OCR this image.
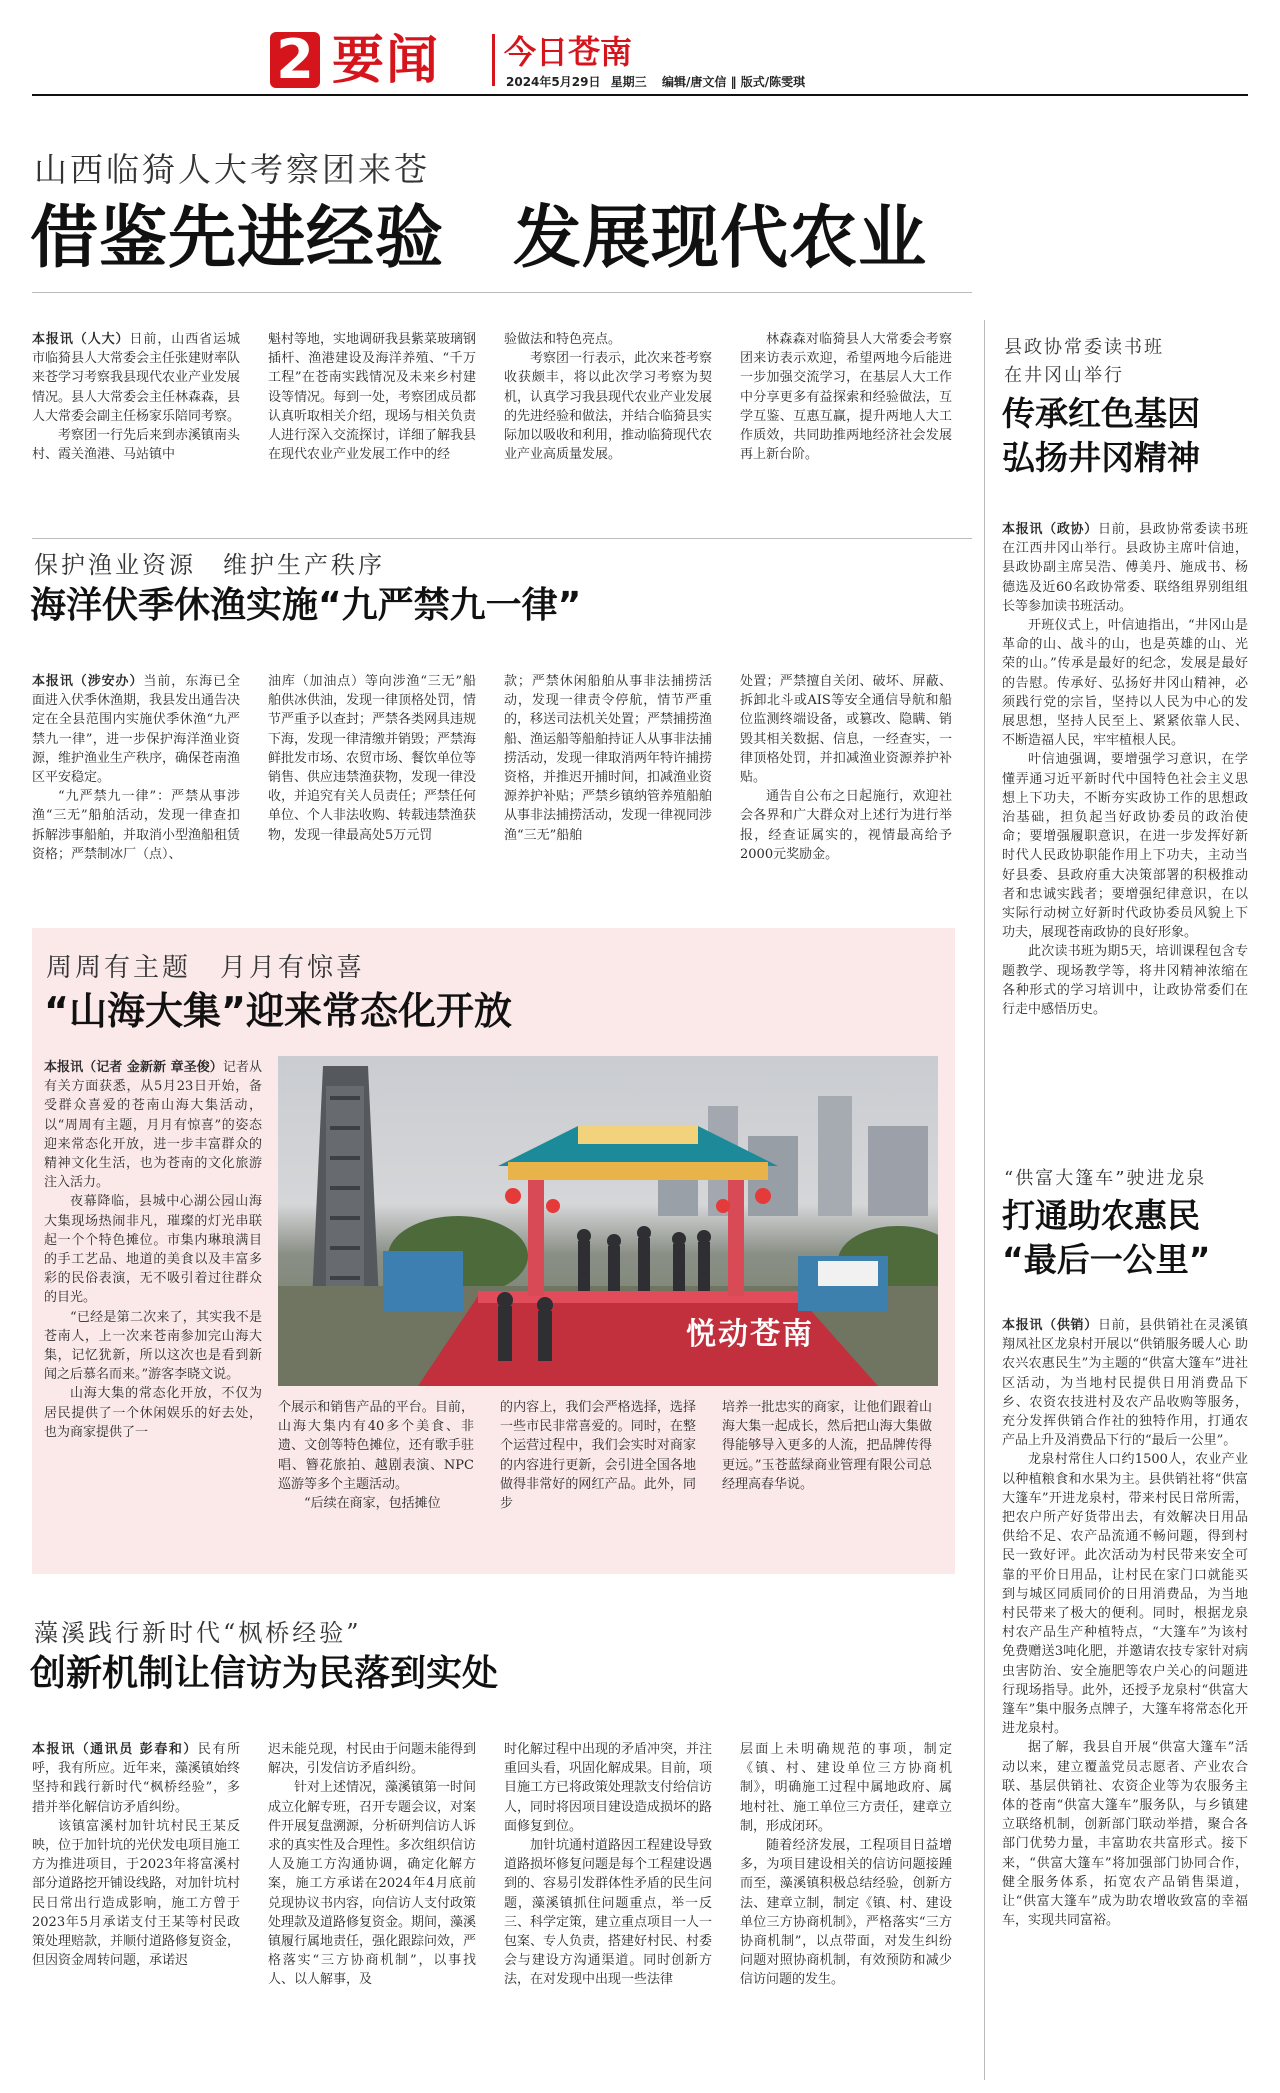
2 要闻 今日苍南
2024年5月29日 星期三 编辑/唐文信 ‖ 版式/陈雯琪
山西临猗人大考察团来苍
借鉴先进经验　发展现代农业

本报讯（人大）日前，山西省运城市临猗县人大常委会主任张建财率队来苍学习考察我县现代农业产业发展情况。县人大常委会主任林森森，县人大常委会副主任杨家乐陪同考察。

考察团一行先后来到赤溪镇南头村、霞关渔港、马站镇中

魁村等地，实地调研我县紫菜玻璃钢插杆、渔港建设及海洋养殖、“千万工程”在苍南实践情况及未来乡村建设等情况。每到一处，考察团成员都认真听取相关介绍，现场与相关负责人进行深入交流探讨，详细了解我县在现代农业产业发展工作中的经

验做法和特色亮点。

考察团一行表示，此次来苍考察收获颇丰，将以此次学习考察为契机，认真学习我县现代农业产业发展的先进经验和做法，并结合临猗县实际加以吸收和利用，推动临猗现代农业产业高质量发展。

林森森对临猗县人大常委会考察团来访表示欢迎，希望两地今后能进一步加强交流学习，在基层人大工作中分享更多有益探索和经验做法，互学互鉴、互惠互赢，提升两地人大工作质效，共同助推两地经济社会发展再上新台阶。

保护渔业资源　维护生产秩序
海洋伏季休渔实施“九严禁九一律”

本报讯（涉安办）当前，东海已全面进入伏季休渔期，我县发出通告决定在全县范围内实施伏季休渔“九严禁九一律”，进一步保护海洋渔业资源，维护渔业生产秩序，确保苍南渔区平安稳定。

“九严禁九一律”：严禁从事涉渔“三无”船舶活动，发现一律查扣拆解涉事船舶，并取消小型渔船租赁资格；严禁制冰厂（点）、

油库（加油点）等向涉渔“三无”船舶供冰供油，发现一律顶格处罚，情节严重予以查封；严禁各类网具违规下海，发现一律清缴并销毁；严禁海鲜批发市场、农贸市场、餐饮单位等销售、供应违禁渔获物，发现一律没收，并追究有关人员责任；严禁任何单位、个人非法收购、转载违禁渔获物，发现一律最高处5万元罚

款；严禁休闲船舶从事非法捕捞活动，发现一律责令停航，情节严重的，移送司法机关处置；严禁捕捞渔船、渔运船等船舶持证人从事非法捕捞活动，发现一律取消两年特许捕捞资格，并推迟开捕时间，扣减渔业资源养护补贴；严禁乡镇纳管养殖船舶从事非法捕捞活动，发现一律视同涉渔“三无”船舶

处置；严禁擅自关闭、破坏、屏蔽、拆卸北斗或AIS等安全通信导航和船位监测终端设备，或篡改、隐瞒、销毁其相关数据、信息，一经查实，一律顶格处罚，并扣减渔业资源养护补贴。

通告自公布之日起施行，欢迎社会各界和广大群众对上述行为进行举报，经查证属实的，视情最高给予2000元奖励金。

周周有主题　月月有惊喜
“山海大集”迎来常态化开放

本报讯（记者 金新新 章圣俊）记者从有关方面获悉，从5月23日开始，备受群众喜爱的苍南山海大集活动，以“周周有主题，月月有惊喜”的姿态迎来常态化开放，进一步丰富群众的精神文化生活，也为苍南的文化旅游注入活力。

夜幕降临，县城中心湖公园山海大集现场热闹非凡，璀璨的灯光串联起一个个特色摊位。市集内琳琅满目的手工艺品、地道的美食以及丰富多彩的民俗表演，无不吸引着过往群众的目光。

“已经是第二次来了，其实我不是苍南人，上一次来苍南参加完山海大集，记忆犹新，所以这次也是看到新闻之后慕名而来。”游客李晓文说。

山海大集的常态化开放，不仅为居民提供了一个休闲娱乐的好去处，也为商家提供了一

悦动苍南

个展示和销售产品的平台。目前，山海大集内有40多个美食、非遗、文创等特色摊位，还有歌手驻唱、簪花旅拍、越剧表演、NPC巡游等多个主题活动。

“后续在商家，包括摊位

的内容上，我们会严格选择，选择一些市民非常喜爱的。同时，在整个运营过程中，我们会实时对商家的内容进行更新，会引进全国各地做得非常好的网红产品。此外，同步

培养一批忠实的商家，让他们跟着山海大集一起成长，然后把山海大集做得能够导入更多的人流，把品牌传得更远。”玉苍蓝绿商业管理有限公司总经理高春华说。

藻溪践行新时代“枫桥经验”
创新机制让信访为民落到实处

本报讯（通讯员 彭春和）民有所呼，我有所应。近年来，藻溪镇始终坚持和践行新时代“枫桥经验”，多措并举化解信访矛盾纠纷。

该镇富溪村加针坑村民王某反映，位于加针坑的光伏发电项目施工方为推进项目，于2023年将富溪村部分道路挖开铺设线路，对加针坑村民日常出行造成影响，施工方曾于2023年5月承诺支付王某等村民政策处理赔款，并顺付道路修复资金，但因资金周转问题，承诺迟

迟未能兑现，村民由于问题未能得到解决，引发信访矛盾纠纷。

针对上述情况，藻溪镇第一时间成立化解专班，召开专题会议，对案件开展复盘溯源，分析研判信访人诉求的真实性及合理性。多次组织信访人及施工方沟通协调，确定化解方案，施工方承诺在2024年4月底前兑现协议书内容，向信访人支付政策处理款及道路修复资金。期间，藻溪镇履行属地责任，强化跟踪问效，严格落实“三方协商机制”，以事找人、以人解事，及

时化解过程中出现的矛盾冲突，并注重回头看，巩固化解成果。目前，项目施工方已将政策处理款支付给信访人，同时将因项目建设造成损坏的路面修复到位。

加针坑通村道路因工程建设导致道路损坏修复问题是每个工程建设遇到的、容易引发群体性矛盾的民生问题，藻溪镇抓住问题重点，举一反三、科学定策，建立重点项目一人一包案、专人负责，搭建好村民、村委会与建设方沟通渠道。同时创新方法，在对发现中出现一些法律

层面上未明确规范的事项，制定《镇、村、建设单位三方协商机制》，明确施工过程中属地政府、属地村社、施工单位三方责任，建章立制，形成闭环。

随着经济发展，工程项目日益增多，为项目建设相关的信访问题接踵而至，藻溪镇积极总结经验，创新方法、建章立制，制定《镇、村、建设单位三方协商机制》，严格落实“三方协商机制”，以点带面，对发生纠纷问题对照协商机制，有效预防和减少信访问题的发生。

县政协常委读书班
在井冈山举行
传承红色基因
弘扬井冈精神

本报讯（政协）日前，县政协常委读书班在江西井冈山举行。县政协主席叶信迪，县政协副主席吴浩、傅美丹、施成书、杨德选及近60名政协常委、联络组界别组组长等参加读书班活动。

开班仪式上，叶信迪指出，“井冈山是革命的山、战斗的山，也是英雄的山、光荣的山。”传承是最好的纪念，发展是最好的告慰。传承好、弘扬好井冈山精神，必须践行党的宗旨，坚持以人民为中心的发展思想，坚持人民至上、紧紧依靠人民、不断造福人民，牢牢植根人民。

叶信迪强调，要增强学习意识，在学懂弄通习近平新时代中国特色社会主义思想上下功夫，不断夯实政协工作的思想政治基础，担负起当好政协委员的政治使命；要增强履职意识，在进一步发挥好新时代人民政协职能作用上下功夫，主动当好县委、县政府重大决策部署的积极推动者和忠诚实践者；要增强纪律意识，在以实际行动树立好新时代政协委员风貌上下功夫，展现苍南政协的良好形象。

此次读书班为期5天，培训课程包含专题教学、现场教学等，将井冈精神浓缩在各种形式的学习培训中，让政协常委们在行走中感悟历史。

“供富大篷车”驶进龙泉
打通助农惠民
“最后一公里”

本报讯（供销）日前，县供销社在灵溪镇翔凤社区龙泉村开展以“供销服务暖人心 助农兴农惠民生”为主题的“供富大篷车”进社区活动，为当地村民提供日用消费品下乡、农资农技进村及农产品收购等服务，充分发挥供销合作社的独特作用，打通农产品上升及消费品下行的“最后一公里”。

龙泉村常住人口约1500人，农业产业以种植粮食和水果为主。县供销社将“供富大篷车”开进龙泉村，带来村民日常所需，把农户所产好货带出去，有效解决日用品供给不足、农产品流通不畅问题，得到村民一致好评。此次活动为村民带来安全可靠的平价日用品，让村民在家门口就能买到与城区同质同价的日用消费品，为当地村民带来了极大的便利。同时，根据龙泉村农产品生产种植特点，“大篷车”为该村免费赠送3吨化肥，并邀请农技专家针对病虫害防治、安全施肥等农户关心的问题进行现场指导。此外，还授予龙泉村“供富大篷车”集中服务点牌子，大篷车将常态化开进龙泉村。

据了解，我县自开展“供富大篷车”活动以来，建立覆盖党员志愿者、产业农合联、基层供销社、农资企业等为农服务主体的苍南“供富大篷车”服务队，与乡镇建立联络机制，创新部门联动举措，聚合各部门优势力量，丰富助农共富形式。接下来，“供富大篷车”将加强部门协同合作，健全服务体系，拓宽农产品销售渠道，让“供富大篷车”成为助农增收致富的幸福车，实现共同富裕。
